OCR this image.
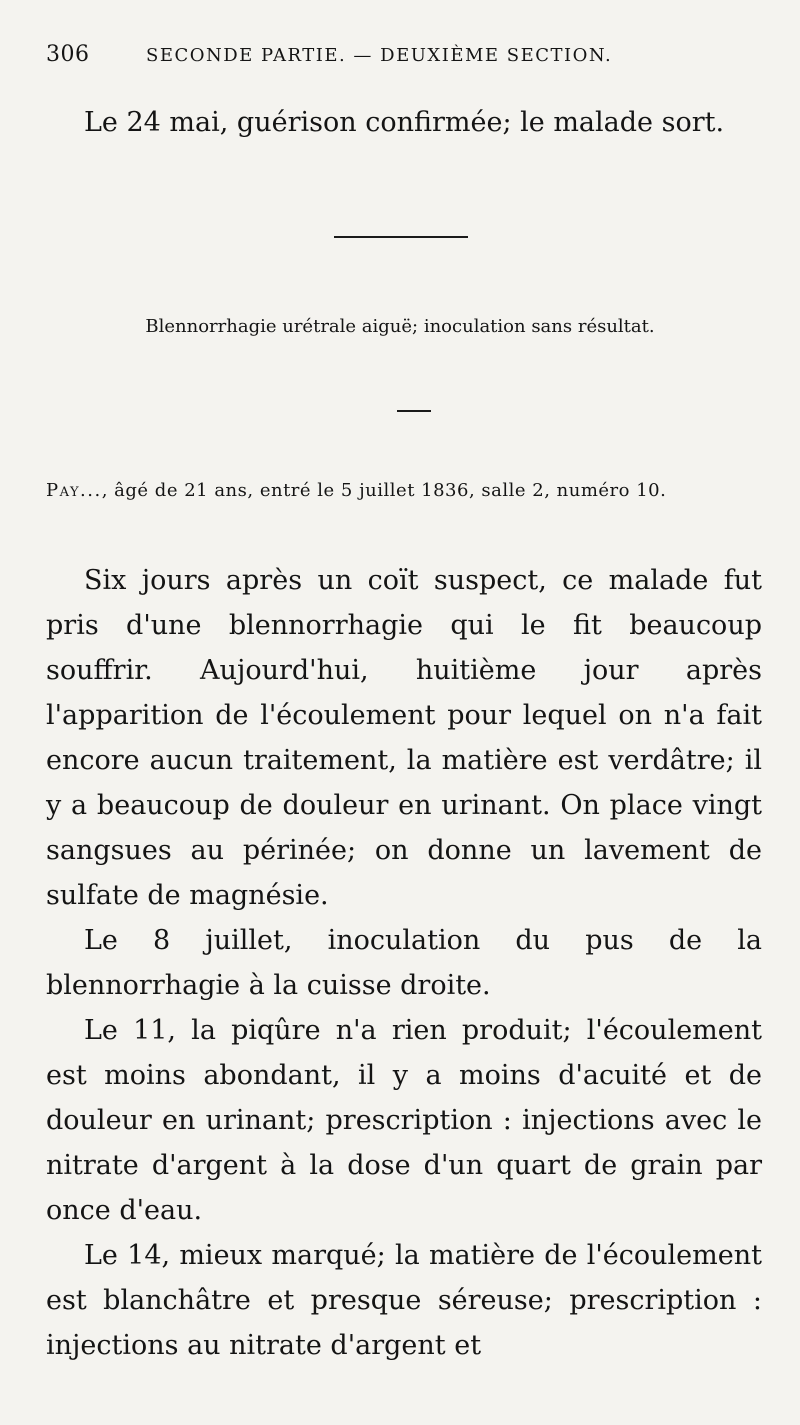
306	SECONDE PARTIE. — DEUXIÈME SECTION.

Le 24 mai, guérison confirmée; le malade sort.

Blennorrhagie urétrale aiguë; inoculation sans résultat.
Pay..., âgé de 21 ans, entré le 5 juillet 1836, salle 2, numéro 10.

Six jours après un coït suspect, ce malade fut pris d'une blennorrhagie qui le fit beaucoup souffrir. Aujourd'hui, huitième jour après l'apparition de l'écoulement pour lequel on n'a fait encore aucun traitement, la matière est verdâtre; il y a beaucoup de douleur en urinant. On place vingt sangsues au périnée; on donne un lavement de sulfate de magnésie.

Le 8 juillet, inoculation du pus de la blennorrhagie à la cuisse droite.

Le 11, la piqûre n'a rien produit; l'écoulement est moins abondant, il y a moins d'acuité et de douleur en urinant; prescription : injections avec le nitrate d'argent à la dose d'un quart de grain par once d'eau.

Le 14, mieux marqué; la matière de l'écoulement est blanchâtre et presque séreuse; prescription : injections au nitrate d'argent et
